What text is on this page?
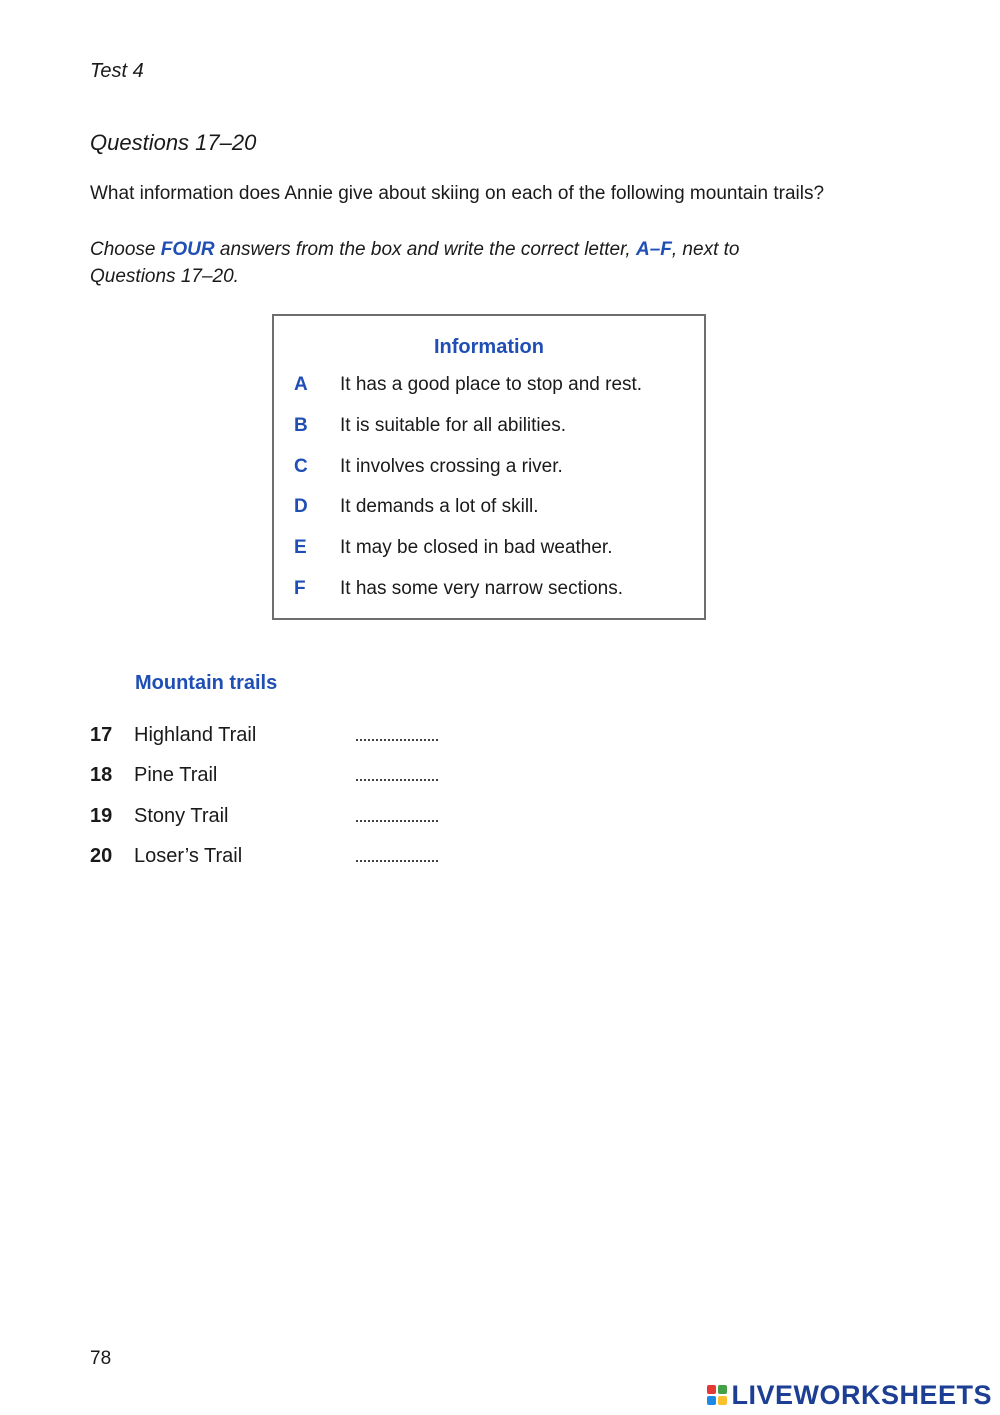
Test 4
Questions 17–20
What information does Annie give about skiing on each of the following mountain trails?
Choose FOUR answers from the box and write the correct letter, A–F, next to Questions 17–20.
Information
A It has a good place to stop and rest.
B It is suitable for all abilities.
C It involves crossing a river.
D It demands a lot of skill.
E It may be closed in bad weather.
F It has some very narrow sections.
Mountain trails
17 Highland Trail
18 Pine Trail
19 Stony Trail
20 Loser’s Trail
78
LIVEWORKSHEETS
